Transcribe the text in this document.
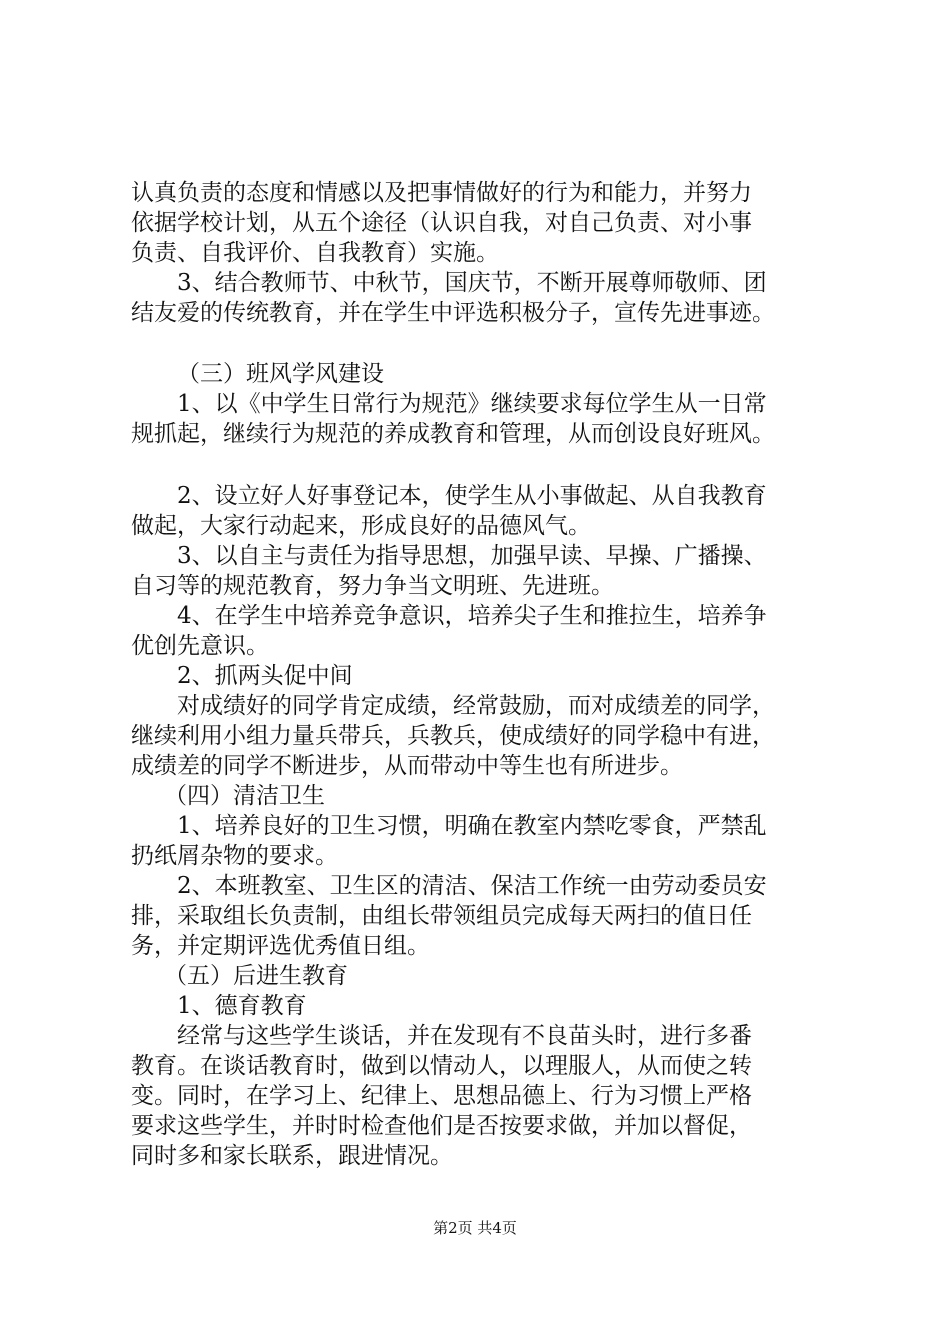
认真负责的态度和情感以及把事情做好的行为和能力，并努力
依据学校计划，从五个途径（认识自我，对自己负责、对小事
负责、自我评价、自我教育）实施。
3、结合教师节、中秋节，国庆节，不断开展尊师敬师、团
结友爱的传统教育，并在学生中评选积极分子，宣传先进事迹。
（三）班风学风建设
1、以《中学生日常行为规范》继续要求每位学生从一日常
规抓起，继续行为规范的养成教育和管理，从而创设良好班风。
2、设立好人好事登记本，使学生从小事做起、从自我教育
做起，大家行动起来，形成良好的品德风气。
3、以自主与责任为指导思想，加强早读、早操、广播操、
自习等的规范教育，努力争当文明班、先进班。
4、在学生中培养竞争意识，培养尖子生和推拉生，培养争
优创先意识。
2、抓两头促中间
对成绩好的同学肯定成绩，经常鼓励，而对成绩差的同学，
继续利用小组力量兵带兵，兵教兵，使成绩好的同学稳中有进，
成绩差的同学不断进步，从而带动中等生也有所进步。
（四）清洁卫生
1、培养良好的卫生习惯，明确在教室内禁吃零食，严禁乱
扔纸屑杂物的要求。
2、本班教室、卫生区的清洁、保洁工作统一由劳动委员安
排，采取组长负责制，由组长带领组员完成每天两扫的值日任
务，并定期评选优秀值日组。
（五）后进生教育
1、德育教育
经常与这些学生谈话，并在发现有不良苗头时，进行多番
教育。在谈话教育时，做到以情动人，以理服人，从而使之转
变。同时，在学习上、纪律上、思想品德上、行为习惯上严格
要求这些学生，并时时检查他们是否按要求做，并加以督促，
同时多和家长联系，跟进情况。
第2页 共4页
